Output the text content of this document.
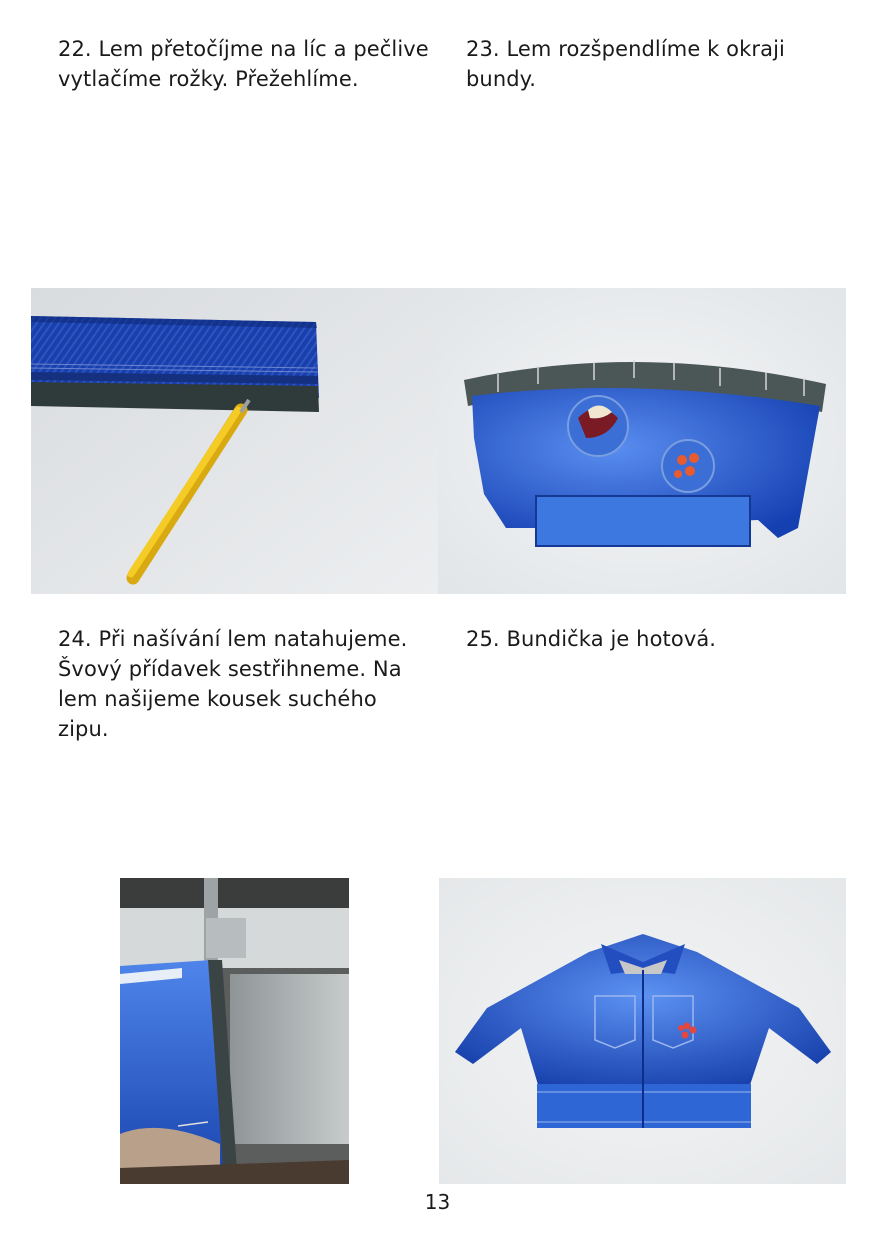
22. Lem přetočíjme na líc a pečlive
vytlačíme rožky. Přežehlíme.
23. Lem rozšpendlíme k okraji
bundy.
24. Při našívání lem natahujeme.
Švový přídavek sestřihneme. Na
lem našijeme kousek suchého
zipu.
25. Bundička je hotová.
13
